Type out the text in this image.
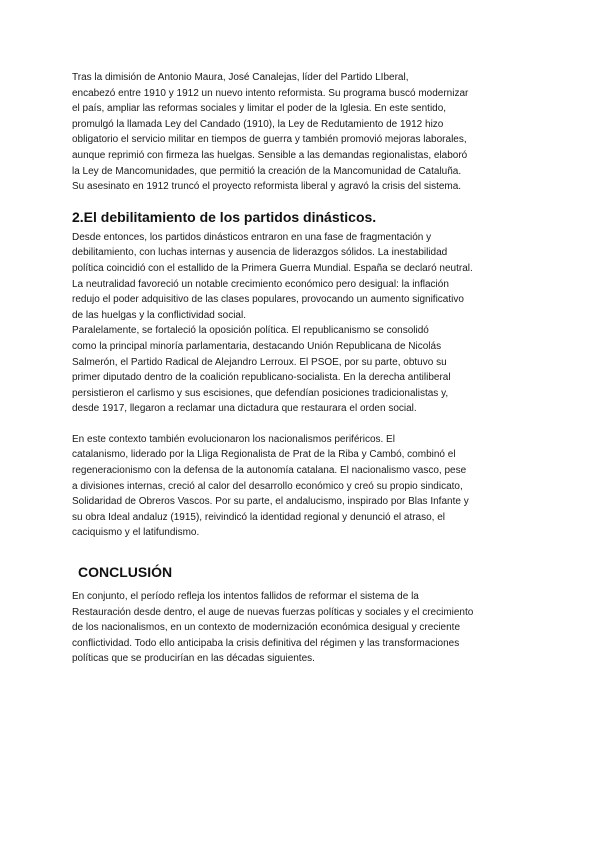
Tras la dimisión de Antonio Maura, José Canalejas, líder del Partido LIberal,
encabezó entre 1910 y 1912 un nuevo intento reformista. Su programa buscó modernizar
el país, ampliar las reformas sociales y limitar el poder de la Iglesia. En este sentido,
promulgó la llamada Ley del Candado (1910), la Ley de Redutamiento de 1912 hizo
obligatorio el servicio militar en tiempos de guerra y también promovió mejoras laborales,
aunque reprimió con firmeza las huelgas. Sensible a las demandas regionalistas, elaboró
la Ley de Mancomunidades, que permitió la creación de la Mancomunidad de Cataluña.
Su asesinato en 1912 truncó el proyecto reformista liberal y agravó la crisis del sistema.

2.El debilitamiento de los partidos dinásticos.

Desde entonces, los partidos dinásticos entraron en una fase de fragmentación y
debilitamiento, con luchas internas y ausencia de liderazgos sólidos. La inestabilidad
política coincidió con el estallido de la Primera Guerra Mundial. España se declaró neutral.
La neutralidad favoreció un notable crecimiento económico pero desigual: la inflación
redujo el poder adquisitivo de las clases populares, provocando un aumento significativo
de las huelgas y la conflictividad social.
Paralelamente, se fortaleció la oposición política. El republicanismo se consolidó
como la principal minoría parlamentaria, destacando Unión Republicana de Nicolás
Salmerón, el Partido Radical de Alejandro Lerroux. El PSOE, por su parte, obtuvo su
primer diputado dentro de la coalición republicano-socialista. En la derecha antiliberal
persistieron el carlismo y sus escisiones, que defendían posiciones tradicionalistas y,
desde 1917, llegaron a reclamar una dictadura que restaurara el orden social.

En este contexto también evolucionaron los nacionalismos periféricos. El
catalanismo, liderado por la Lliga Regionalista de Prat de la Riba y Cambó, combinó el
regeneracionismo con la defensa de la autonomía catalana. El nacionalismo vasco, pese
a divisiones internas, creció al calor del desarrollo económico y creó su propio sindicato,
Solidaridad de Obreros Vascos. Por su parte, el andalucismo, inspirado por Blas Infante y
su obra Ideal andaluz (1915), reivindicó la identidad regional y denunció el atraso, el
caciquismo y el latifundismo.

CONCLUSIÓN

En conjunto, el período refleja los intentos fallidos de reformar el sistema de la
Restauración desde dentro, el auge de nuevas fuerzas políticas y sociales y el crecimiento
de los nacionalismos, en un contexto de modernización económica desigual y creciente
conflictividad. Todo ello anticipaba la crisis definitiva del régimen y las transformaciones
políticas que se producirían en las décadas siguientes.
